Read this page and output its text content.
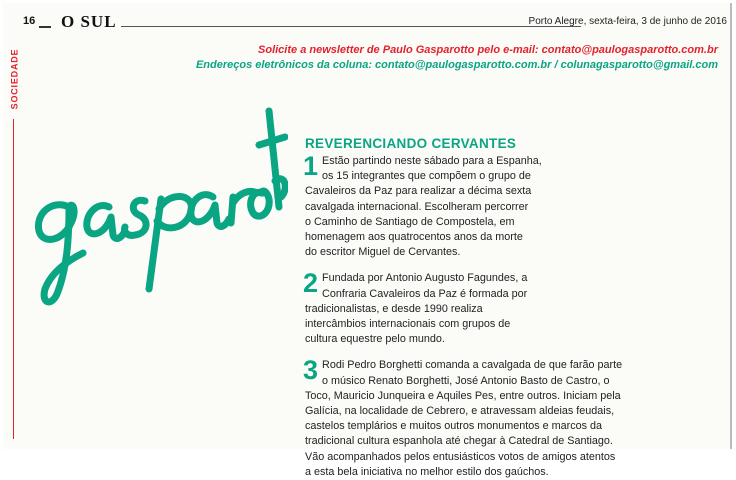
16 O SUL	Porto Alegre, sexta-feira, 3 de junho de 2016
SOCIEDADE	Solicite a newsletter de Paulo Gasparotto pelo e-mail: contato@paulogasparotto.com.br
Endereços eletrônicos da coluna: contato@paulogasparotto.com.br / colunagasparotto@gmail.com
REVERENCIANDO CERVANTES
1 Estão partindo neste sábado para a Espanha,
os 15 integrantes que compõem o grupo de
Cavaleiros da Paz para realizar a décima sexta
cavalgada internacional. Escolheram percorrer
o Caminho de Santiago de Compostela, em
homenagem aos quatrocentos anos da morte
do escritor Miguel de Cervantes.

2 Fundada por Antonio Augusto Fagundes, a
Confraria Cavaleiros da Paz é formada por
tradicionalistas, e desde 1990 realiza
intercâmbios internacionais com grupos de
cultura equestre pelo mundo.

3 Rodi Pedro Borghetti comanda a cavalgada de que farão parte
o músico Renato Borghetti, José Antonio Basto de Castro, o
Toco, Mauricio Junqueira e Aquiles Pes, entre outros. Iniciam pela
Galícia, na localidade de Cebrero, e atravessam aldeias feudais,
castelos templários e muitos outros monumentos e marcos da
tradicional cultura espanhola até chegar à Catedral de Santiago.
Vão acompanhados pelos entusiásticos votos de amigos atentos
a esta bela iniciativa no melhor estilo dos gaúchos.
